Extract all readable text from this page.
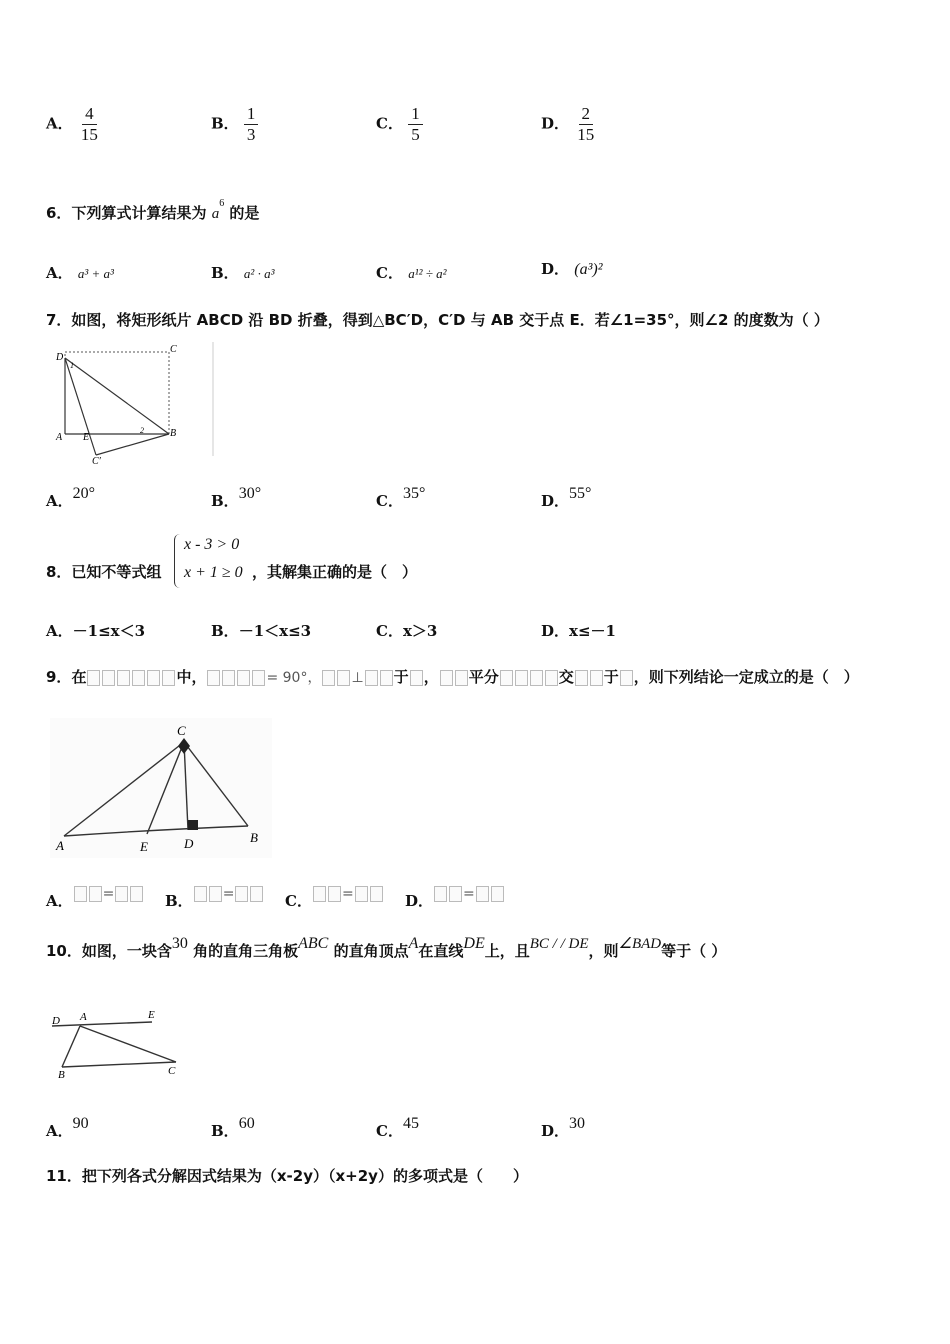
A． $\frac{4}{15}$	B． $\frac{1}{3}$	C． $\frac{1}{5}$	D． $\frac{2}{15}$
6．下列算式计算结果为 $a^6$ 的是
A． a³ + a³	B． a² · a³	C． a¹² ÷ a²	D． (a³)²
7．如图，将矩形纸片 ABCD 沿 BD 折叠，得到△BC′D，C′D 与 AB 交于点 E．若∠1=35°，则∠2 的度数为（ ）
D
C
A E	B
C′
1
2
A．20°	B．30°	C．35°	D．55°
8．已知不等式组
x - 3 > 0
x + 1 ≥ 0 ，其解集正确的是（　）
A．－1≤x＜3	B．－1＜x≤3	C．x＞3	D．x≤－1
9．在	中，	= 90°， ⊥ 于 ， 平分	交 于 ，则下列结论一定成立的是（　）
C
A	E	D	B
A． =	B． =	C． =	D． =
10．如图，一块含30 角的直角三角板ABC 的直角顶点A在直线DE上，且BC / / DE，则∠BAD等于（ ）
D A	E
B	C
A．90	B．60	C．45	D．30
11．把下列各式分解因式结果为（x-2y）（x+2y）的多项式是（　　）
